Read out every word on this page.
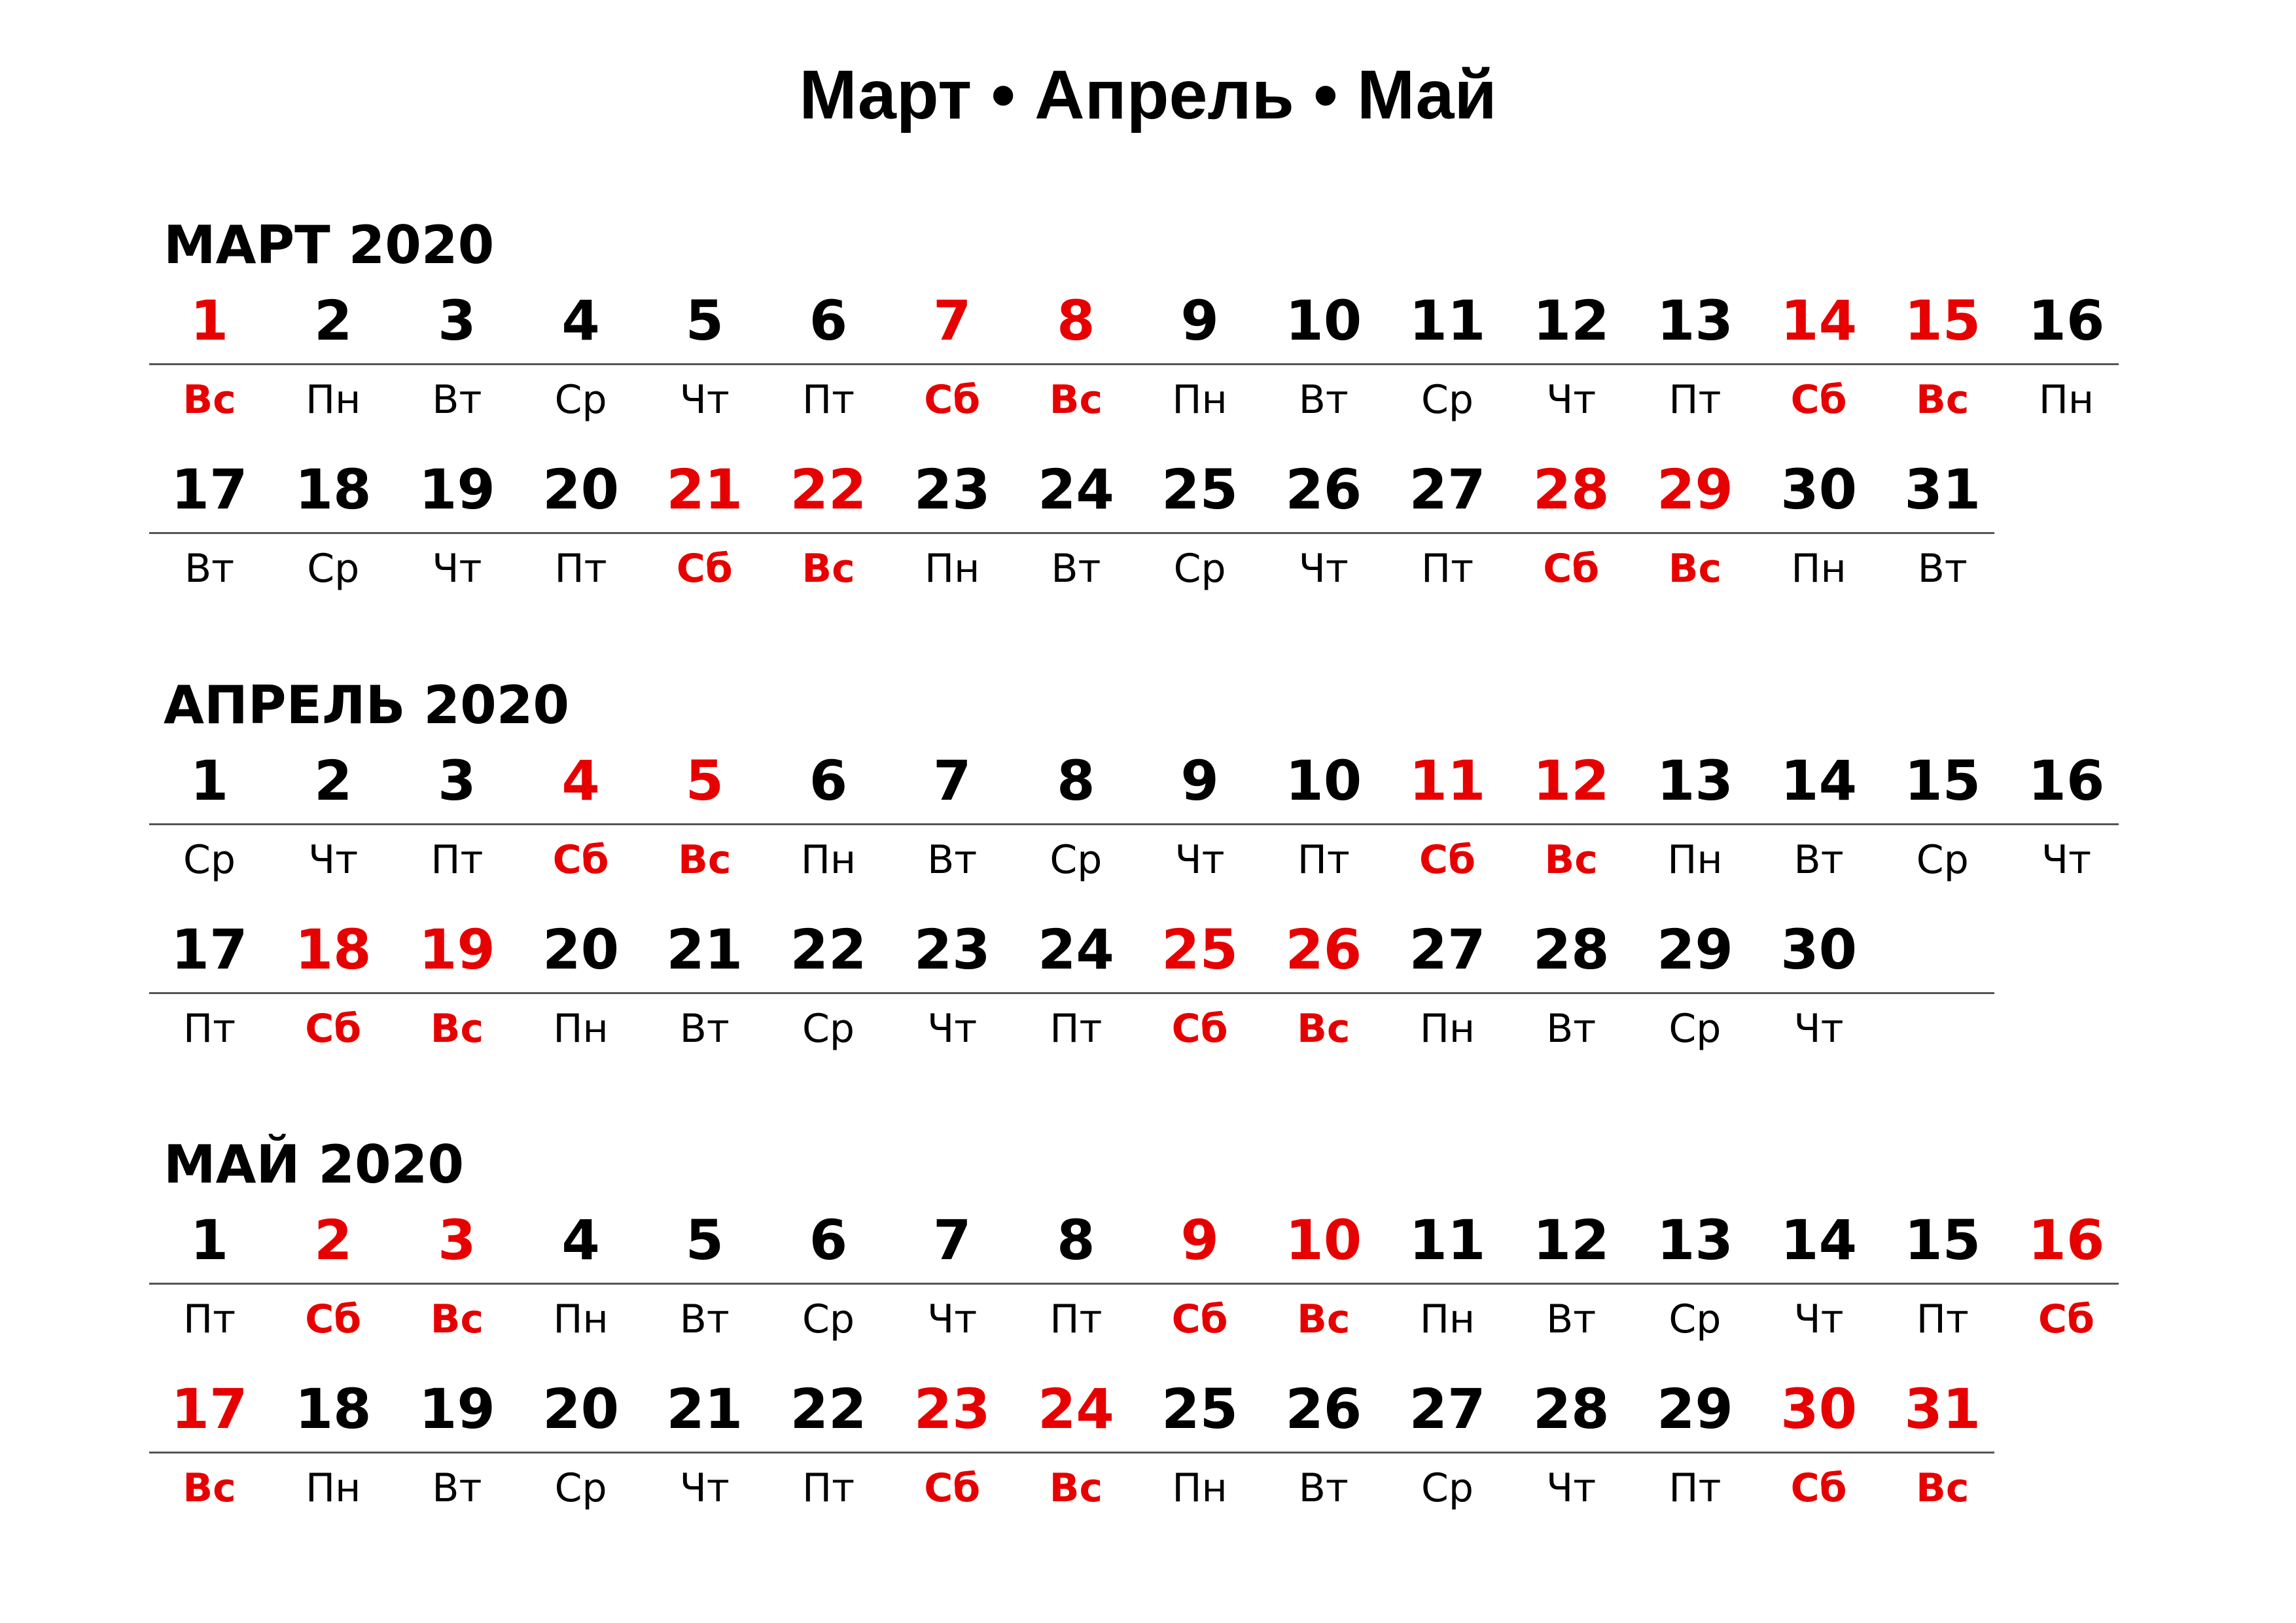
Март • Апрель • Май
МАРТ 2020
1
Вс
2
Пн
3
Вт
4
Ср
5
Чт
6
Пт
7
Сб
8
Вс
9
Пн
10
Вт
11
Ср
12
Чт
13
Пт
14
Сб
15
Вс
16
Пн
17
Вт
18
Ср
19
Чт
20
Пт
21
Сб
22
Вс
23
Пн
24
Вт
25
Ср
26
Чт
27
Пт
28
Сб
29
Вс
30
Пн
31
Вт
АПРЕЛЬ 2020
1
Ср
2
Чт
3
Пт
4
Сб
5
Вс
6
Пн
7
Вт
8
Ср
9
Чт
10
Пт
11
Сб
12
Вс
13
Пн
14
Вт
15
Ср
16
Чт
17
Пт
18
Сб
19
Вс
20
Пн
21
Вт
22
Ср
23
Чт
24
Пт
25
Сб
26
Вс
27
Пн
28
Вт
29
Ср
30
Чт
МАЙ 2020
1
Пт
2
Сб
3
Вс
4
Пн
5
Вт
6
Ср
7
Чт
8
Пт
9
Сб
10
Вс
11
Пн
12
Вт
13
Ср
14
Чт
15
Пт
16
Сб
17
Вс
18
Пн
19
Вт
20
Ср
21
Чт
22
Пт
23
Сб
24
Вс
25
Пн
26
Вт
27
Ср
28
Чт
29
Пт
30
Сб
31
Вс
